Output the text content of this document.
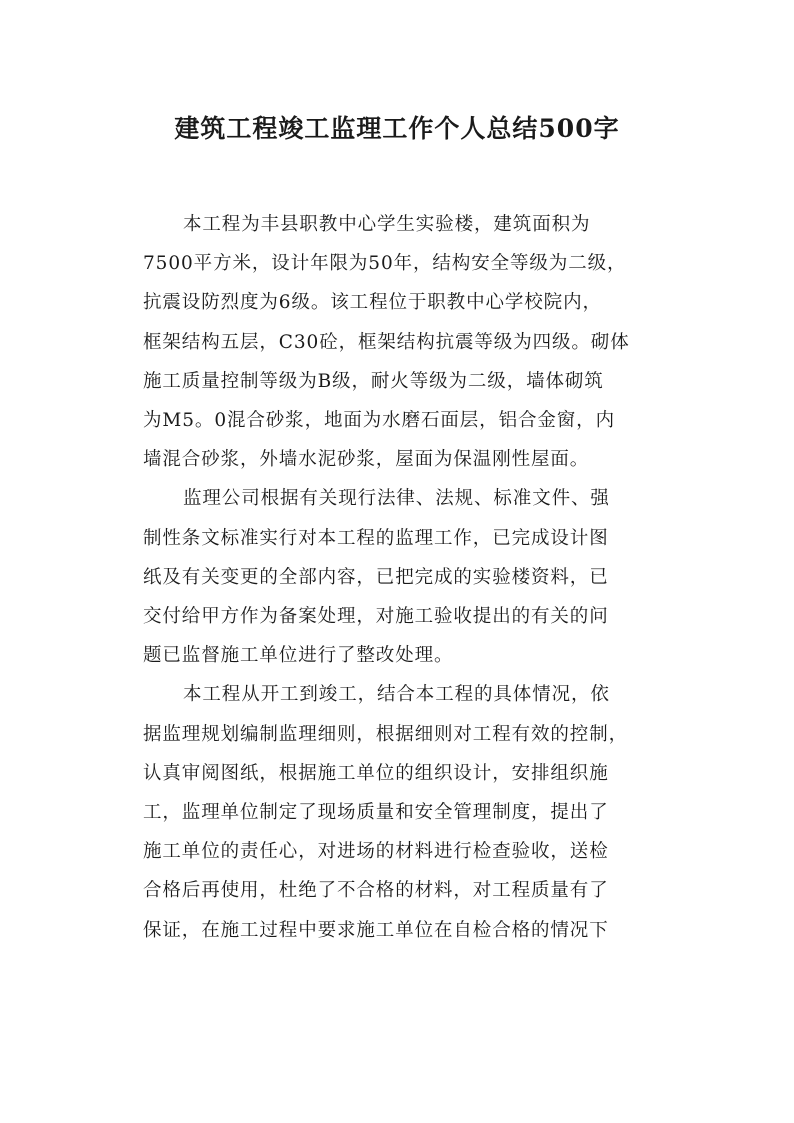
建筑工程竣工监理工作个人总结500字

本工程为丰县职教中心学生实验楼，建筑面积为
7500平方米，设计年限为50年，结构安全等级为二级，
抗震设防烈度为6级。该工程位于职教中心学校院内，
框架结构五层，C30砼，框架结构抗震等级为四级。砌体
施工质量控制等级为B级，耐火等级为二级，墙体砌筑
为M5。0混合砂浆，地面为水磨石面层，铝合金窗，内
墙混合砂浆，外墙水泥砂浆，屋面为保温刚性屋面。

监理公司根据有关现行法律、法规、标准文件、强
制性条文标准实行对本工程的监理工作，已完成设计图
纸及有关变更的全部内容，已把完成的实验楼资料，已
交付给甲方作为备案处理，对施工验收提出的有关的问
题已监督施工单位进行了整改处理。

本工程从开工到竣工，结合本工程的具体情况，依
据监理规划编制监理细则，根据细则对工程有效的控制，
认真审阅图纸，根据施工单位的组织设计，安排组织施
工，监理单位制定了现场质量和安全管理制度，提出了
施工单位的责任心，对进场的材料进行检查验收，送检
合格后再使用，杜绝了不合格的材料，对工程质量有了
保证，在施工过程中要求施工单位在自检合格的情况下
